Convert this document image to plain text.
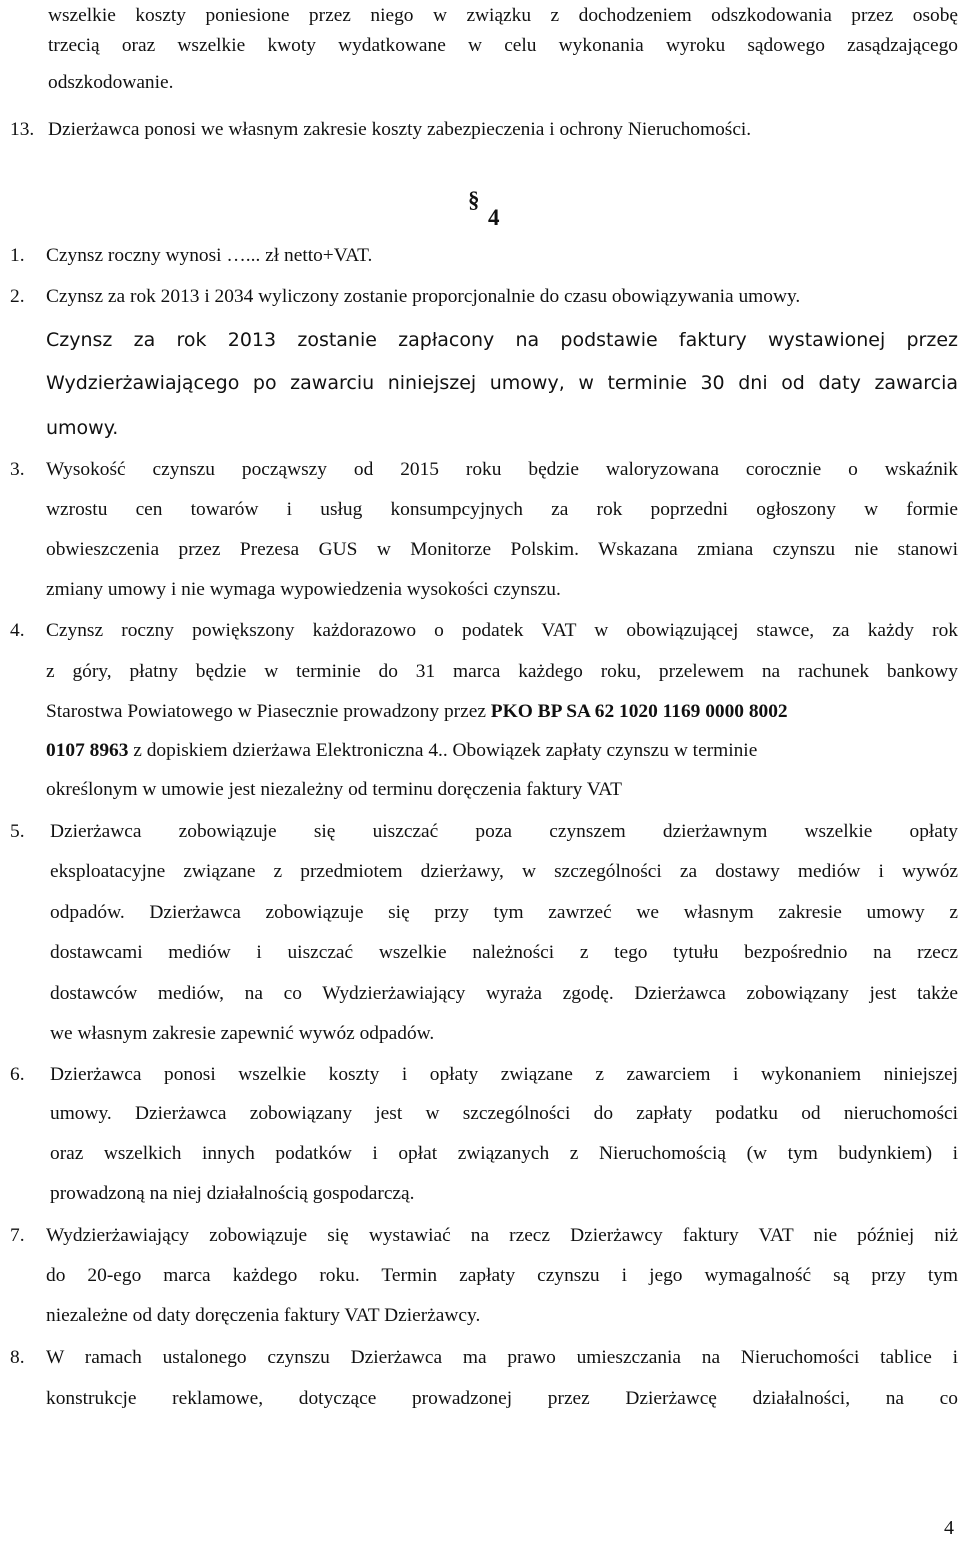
wszelkie koszty poniesione przez niego w związku z dochodzeniem odszkodowania przez osobę
trzecią oraz wszelkie kwoty wydatkowane w celu wykonania wyroku sądowego zasądzającego
odszkodowanie.
13. Dzierżawca ponosi we własnym zakresie koszty zabezpieczenia i ochrony Nieruchomości.
§
4
1. Czynsz roczny wynosi …... zł netto+VAT.
2. Czynsz za rok 2013 i 2034 wyliczony zostanie proporcjonalnie do czasu obowiązywania umowy.
Czynsz za rok 2013 zostanie zapłacony na podstawie faktury wystawionej przez
Wydzierżawiającego po zawarciu niniejszej umowy, w terminie 30 dni od daty zawarcia
umowy.
3. Wysokość czynszu począwszy od 2015 roku będzie waloryzowana corocznie o wskaźnik
wzrostu cen towarów i usług konsumpcyjnych za rok poprzedni ogłoszony w formie
obwieszczenia przez Prezesa GUS w Monitorze Polskim. Wskazana zmiana czynszu nie stanowi
zmiany umowy i nie wymaga wypowiedzenia wysokości czynszu.
4. Czynsz roczny powiększony każdorazowo o podatek VAT w obowiązującej stawce, za każdy rok
z góry, płatny będzie w terminie do 31 marca każdego roku, przelewem na rachunek bankowy
Starostwa Powiatowego w Piasecznie prowadzony przez PKO BP SA 62 1020 1169 0000 8002
0107 8963 z dopiskiem dzierżawa Elektroniczna 4.. Obowiązek zapłaty czynszu w terminie
określonym w umowie jest niezależny od terminu doręczenia faktury VAT
5. Dzierżawca zobowiązuje się uiszczać poza czynszem dzierżawnym wszelkie opłaty
eksploatacyjne związane z przedmiotem dzierżawy, w szczególności za dostawy mediów i wywóz
odpadów. Dzierżawca zobowiązuje się przy tym zawrzeć we własnym zakresie umowy z
dostawcami mediów i uiszczać wszelkie należności z tego tytułu bezpośrednio na rzecz
dostawców mediów, na co Wydzierżawiający wyraża zgodę. Dzierżawca zobowiązany jest także
we własnym zakresie zapewnić wywóz odpadów.
6. Dzierżawca ponosi wszelkie koszty i opłaty związane z zawarciem i wykonaniem niniejszej
umowy. Dzierżawca zobowiązany jest w szczególności do zapłaty podatku od nieruchomości
oraz wszelkich innych podatków i opłat związanych z Nieruchomością (w tym budynkiem) i
prowadzoną na niej działalnością gospodarczą.
7. Wydzierżawiający zobowiązuje się wystawiać na rzecz Dzierżawcy faktury VAT nie później niż
do 20-ego marca każdego roku. Termin zapłaty czynszu i jego wymagalność są przy tym
niezależne od daty doręczenia faktury VAT Dzierżawcy.
8. W ramach ustalonego czynszu Dzierżawca ma prawo umieszczania na Nieruchomości tablice i
konstrukcje reklamowe, dotyczące prowadzonej przez Dzierżawcę działalności, na co
4
